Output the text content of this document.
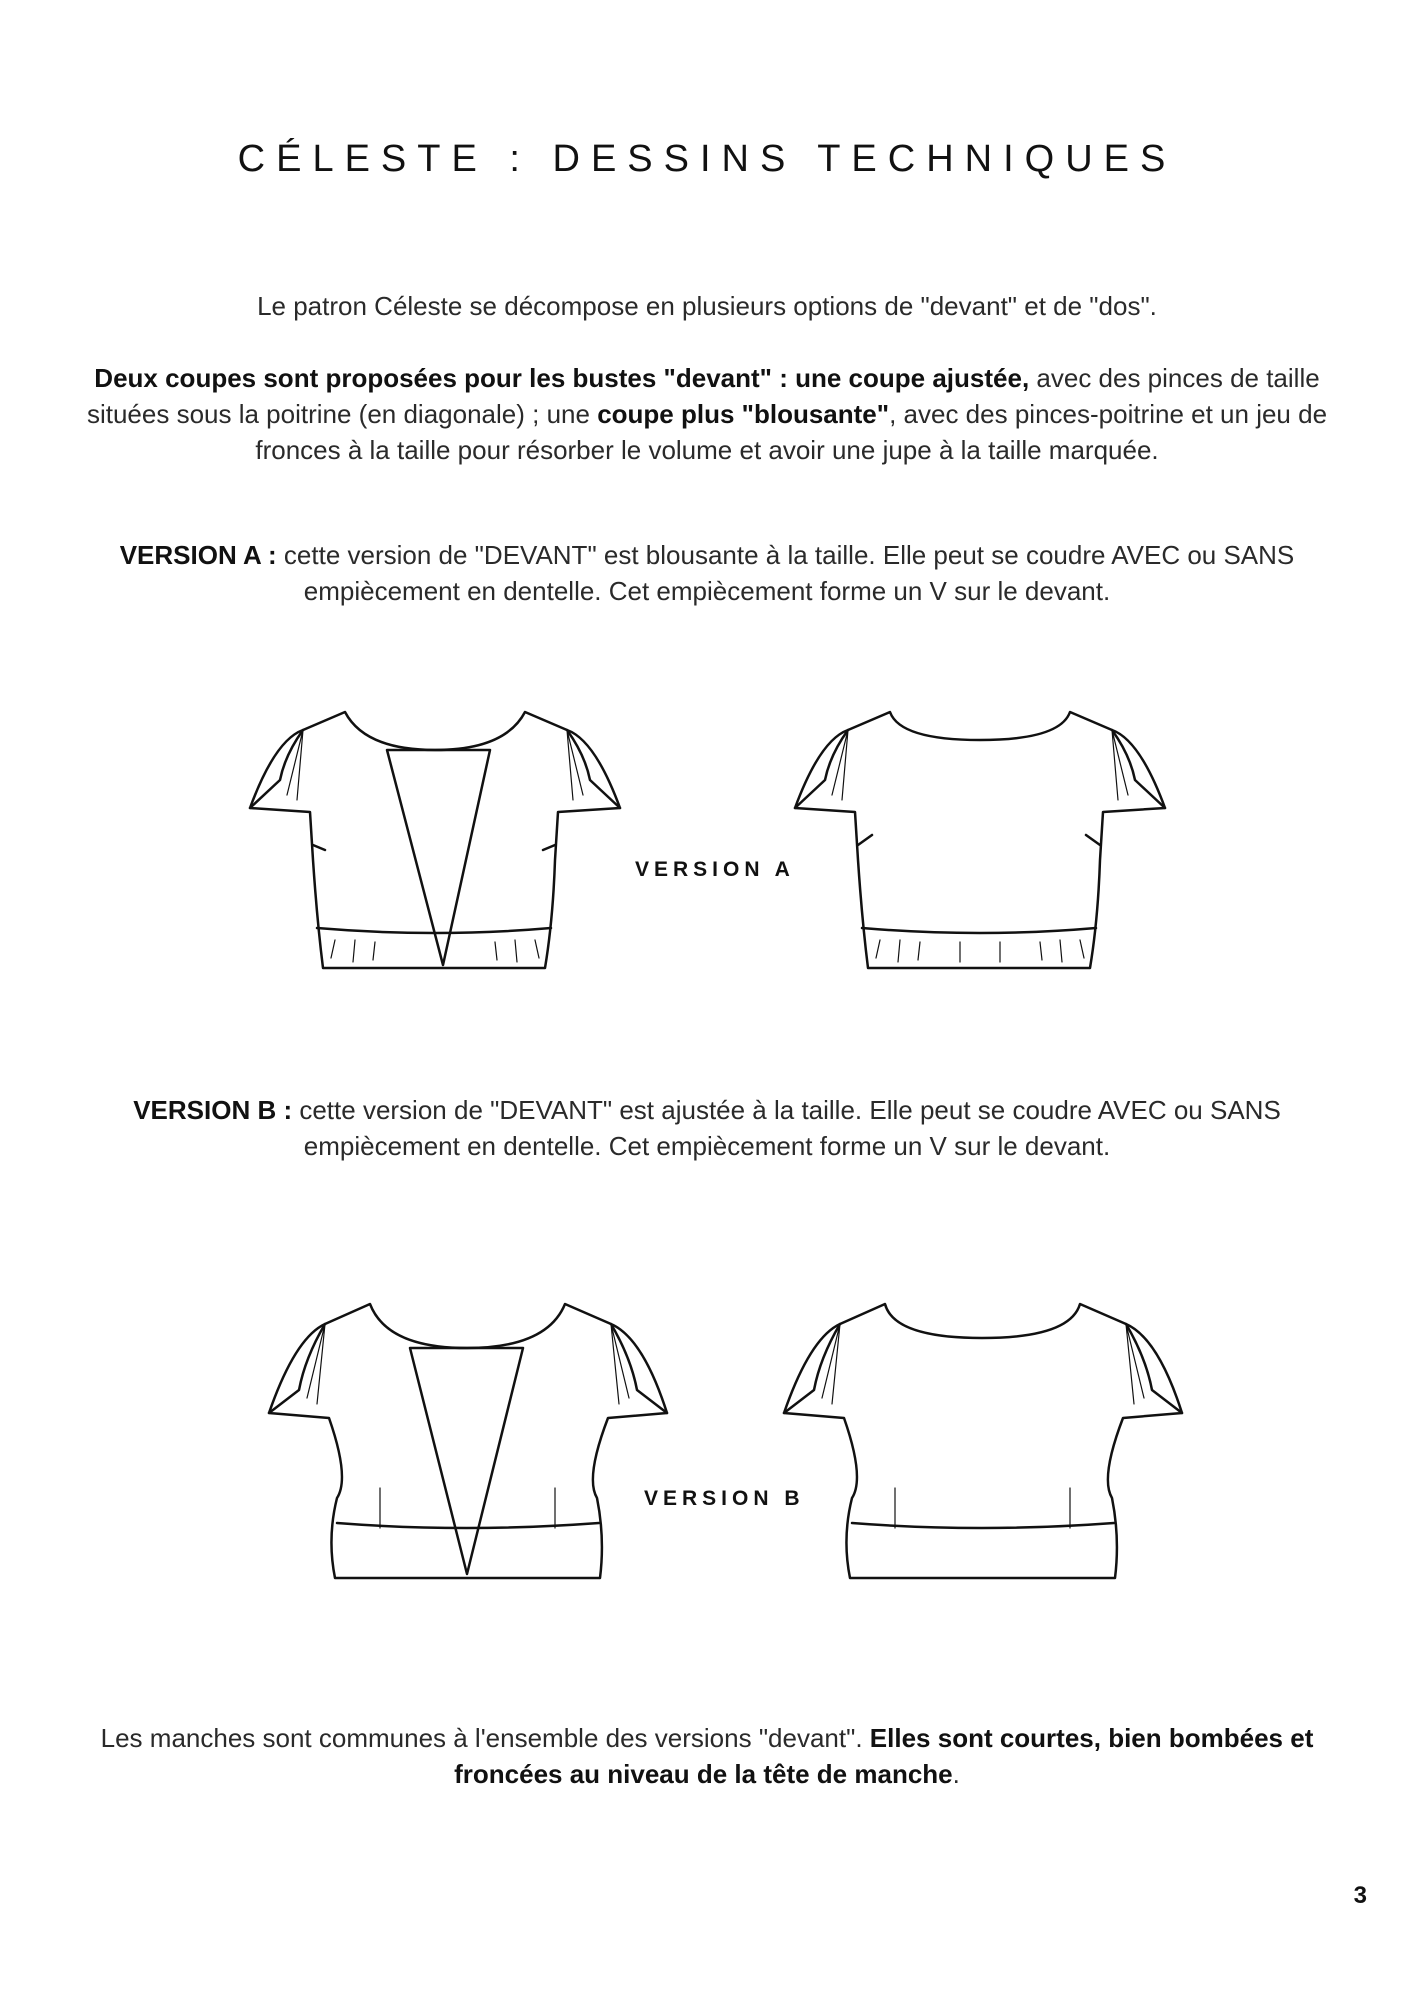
CÉLESTE : DESSINS TECHNIQUES

Le patron Céleste se décompose en plusieurs options de "devant" et de "dos".

Deux coupes sont proposées pour les bustes "devant" : une coupe ajustée, avec des pinces de taille situées sous la poitrine (en diagonale) ; une coupe plus "blousante", avec des pinces-poitrine et un jeu de fronces à la taille pour résorber le volume et avoir une jupe à la taille marquée.

VERSION A : cette version de "DEVANT" est blousante à la taille. Elle peut se coudre AVEC ou SANS empiècement en dentelle. Cet empiècement forme un V sur le devant.

VERSION A

VERSION B : cette version de "DEVANT" est ajustée à la taille. Elle peut se coudre AVEC ou SANS empiècement en dentelle. Cet empiècement forme un V sur le devant.

VERSION B

Les manches sont communes à l'ensemble des versions "devant". Elles sont courtes, bien bombées et froncées au niveau de la tête de manche.

3
